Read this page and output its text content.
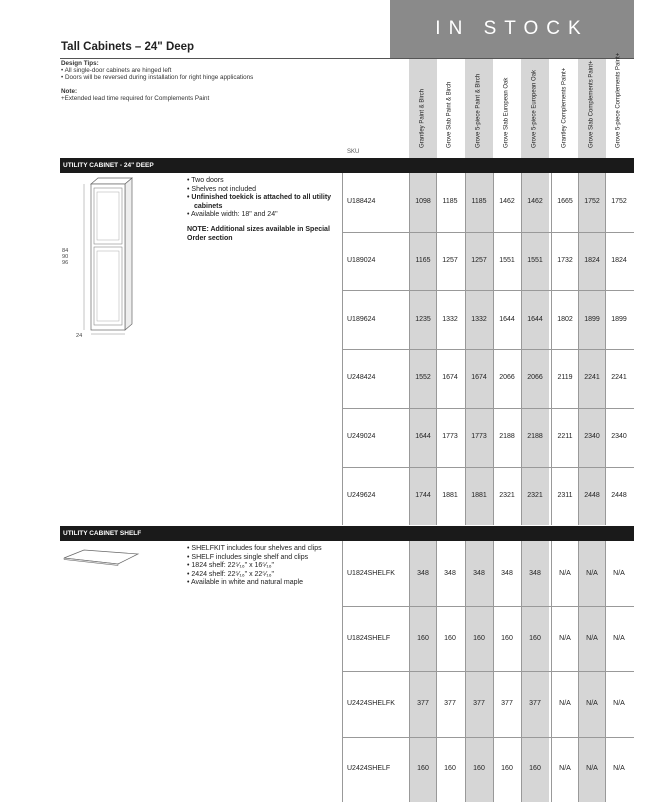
IN STOCK
Tall Cabinets – 24" Deep
Design Tips:
• All single-door cabinets are hinged left
• Doors will be reversed during installation for right hinge applications
Note:
+Extended lead time required for Complements Paint	Grantley Paint & Birch	Grove Slab Paint & Birch	Grove 5-piece Paint & Birch	Grove Slab European Oak	Grove 5-piece European Oak	Grantley Complements Paint+	Grove Slab Complements Paint+	Grove 5-piece Complements Paint+
SKU
UTILITY CABINET - 24" DEEP
U188424	1098	1185	1185	1462	1462	1665	1752	1752
U189024	1165	1257	1257	1551	1551	1732	1824	1824
U189624	1235	1332	1332	1644	1644	1802	1899	1899
U248424	1552	1674	1674	2066	2066	2119	2241	2241
U249024	1644	1773	1773	2188	2188	2211	2340	2340
U249624	1744	1881	1881	2321	2321	2311	2448	2448
UTILITY CABINET SHELF
U1824SHELFK	348	348	348	348	348	N/A	N/A	N/A
U1824SHELF	160	160	160	160	160	N/A	N/A	N/A
U2424SHELFK	377	377	377	377	377	N/A	N/A	N/A
U2424SHELF	160	160	160	160	160	N/A	N/A	N/A
84
90
96
24
• Two doors
• Shelves not included
• Unfinished toekick is attached to all utility cabinets
• Available width: 18" and 24"
NOTE: Additional sizes available in Special Order section
• SHELFKIT includes four shelves and clips
• SHELF includes single shelf and clips
• 1824 shelf: 22⁵⁄₁₆" x 16⁵⁄₁₆"
• 2424 shelf: 22⁵⁄₁₆" x 22⁵⁄₁₆"
• Available in white and natural maple
